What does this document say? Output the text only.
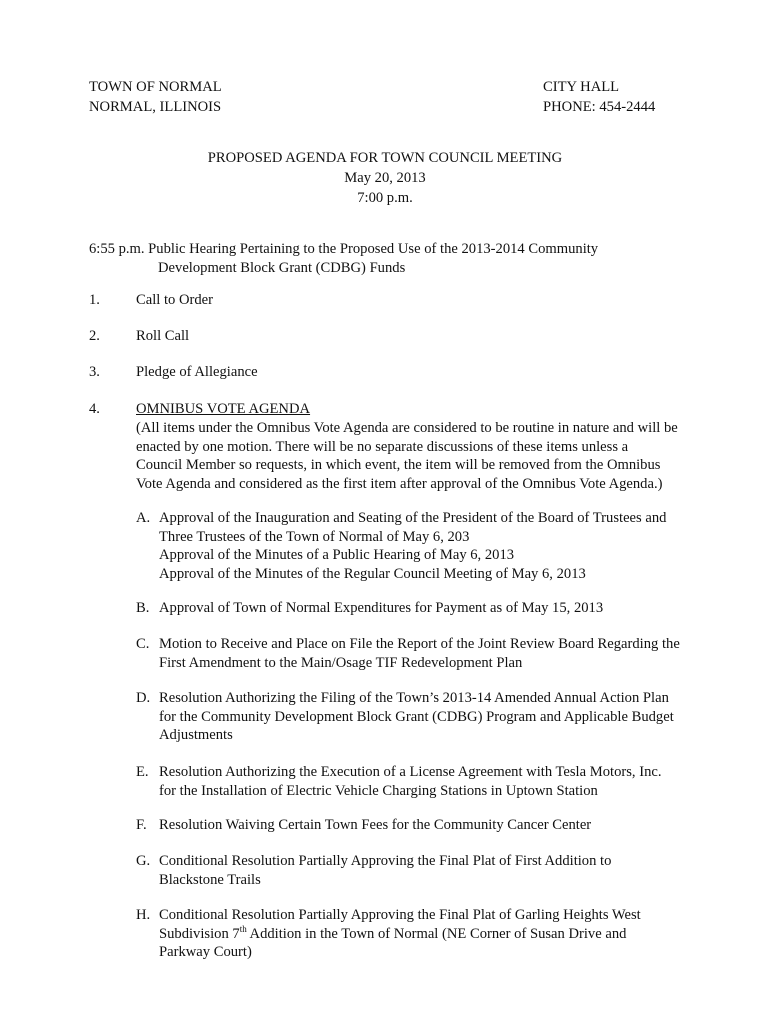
TOWN OF NORMAL
NORMAL, ILLINOIS
CITY HALL
PHONE: 454-2444
PROPOSED AGENDA FOR TOWN COUNCIL MEETING
May 20, 2013
7:00 p.m.
6:55 p.m. Public Hearing Pertaining to the Proposed Use of the 2013-2014 Community
Development Block Grant (CDBG) Funds
1. Call to Order
2. Roll Call
3. Pledge of Allegiance
4. OMNIBUS VOTE AGENDA
(All items under the Omnibus Vote Agenda are considered to be routine in nature and will be
enacted by one motion. There will be no separate discussions of these items unless a
Council Member so requests, in which event, the item will be removed from the Omnibus
Vote Agenda and considered as the first item after approval of the Omnibus Vote Agenda.)
A. Approval of the Inauguration and Seating of the President of the Board of Trustees and
Three Trustees of the Town of Normal of May 6, 203
Approval of the Minutes of a Public Hearing of May 6, 2013
Approval of the Minutes of the Regular Council Meeting of May 6, 2013
B. Approval of Town of Normal Expenditures for Payment as of May 15, 2013
C. Motion to Receive and Place on File the Report of the Joint Review Board Regarding the
First Amendment to the Main/Osage TIF Redevelopment Plan
D. Resolution Authorizing the Filing of the Town’s 2013-14 Amended Annual Action Plan
for the Community Development Block Grant (CDBG) Program and Applicable Budget
Adjustments
E. Resolution Authorizing the Execution of a License Agreement with Tesla Motors, Inc.
for the Installation of Electric Vehicle Charging Stations in Uptown Station
F. Resolution Waiving Certain Town Fees for the Community Cancer Center
G. Conditional Resolution Partially Approving the Final Plat of First Addition to
Blackstone Trails
H. Conditional Resolution Partially Approving the Final Plat of Garling Heights West
Subdivision 7th Addition in the Town of Normal (NE Corner of Susan Drive and
Parkway Court)
